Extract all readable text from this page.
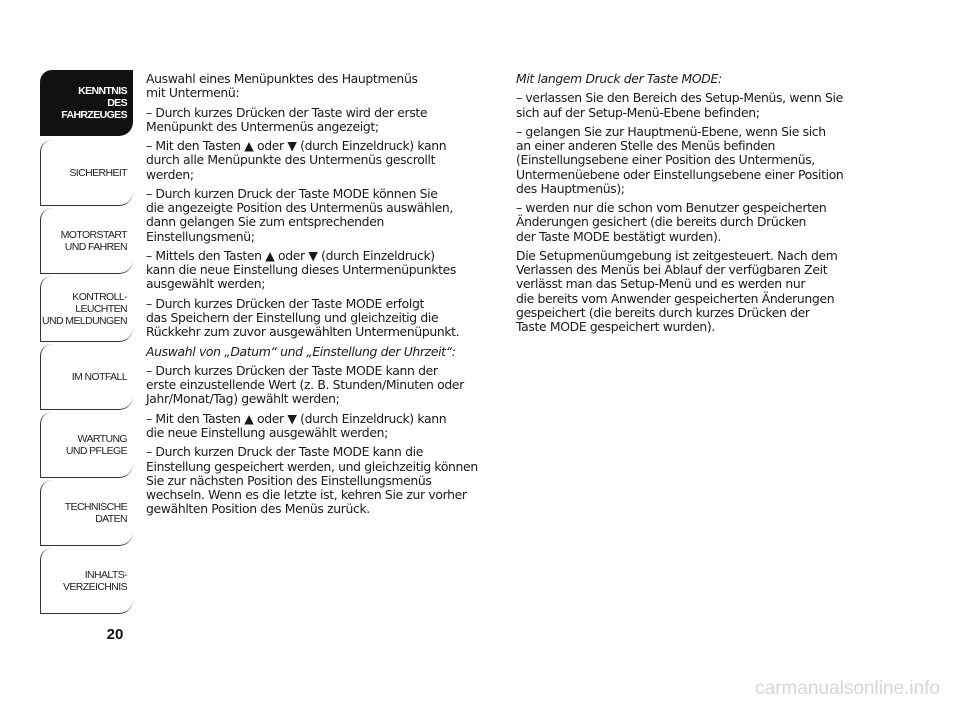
KENNTNIS
DES FAHRZEUGES
SICHERHEIT
MOTORSTART
UND FAHREN
KONTROLL-
LEUCHTEN
UND MELDUNGEN
IM NOTFALL
WARTUNG
UND PFLEGE
TECHNISCHE
DATEN
INHALTS-
VERZEICHNIS
20

Auswahl eines Menüpunktes des Hauptmenüs
mit Untermenü:

– Durch kurzes Drücken der Taste wird der erste
Menüpunkt des Untermenüs angezeigt;

– Mit den Tasten ▲ oder ▼ (durch Einzeldruck) kann
durch alle Menüpunkte des Untermenüs gescrollt
werden;

– Durch kurzen Druck der Taste MODE können Sie
die angezeigte Position des Untermenüs auswählen,
dann gelangen Sie zum entsprechenden
Einstellungsmenü;

– Mittels den Tasten ▲ oder ▼ (durch Einzeldruck)
kann die neue Einstellung dieses Untermenüpunktes
ausgewählt werden;

– Durch kurzes Drücken der Taste MODE erfolgt
das Speichern der Einstellung und gleichzeitig die
Rückkehr zum zuvor ausgewählten Untermenüpunkt.

Auswahl von „Datum“ und „Einstellung der Uhrzeit“:

– Durch kurzes Drücken der Taste MODE kann der
erste einzustellende Wert (z. B. Stunden/Minuten oder
Jahr/Monat/Tag) gewählt werden;

– Mit den Tasten ▲ oder ▼ (durch Einzeldruck) kann
die neue Einstellung ausgewählt werden;

– Durch kurzen Druck der Taste MODE kann die
Einstellung gespeichert werden, und gleichzeitig können
Sie zur nächsten Position des Einstellungsmenüs
wechseln. Wenn es die letzte ist, kehren Sie zur vorher
gewählten Position des Menüs zurück.

Mit langem Druck der Taste MODE:

– verlassen Sie den Bereich des Setup-Menüs, wenn Sie
sich auf der Setup-Menü-Ebene befinden;

– gelangen Sie zur Hauptmenü-Ebene, wenn Sie sich
an einer anderen Stelle des Menüs befinden
(Einstellungsebene einer Position des Untermenüs,
Untermenüebene oder Einstellungsebene einer Position
des Hauptmenüs);

– werden nur die schon vom Benutzer gespeicherten
Änderungen gesichert (die bereits durch Drücken
der Taste MODE bestätigt wurden).

Die Setupmenüumgebung ist zeitgesteuert. Nach dem
Verlassen des Menüs bei Ablauf der verfügbaren Zeit
verlässt man das Setup-Menü und es werden nur
die bereits vom Anwender gespeicherten Änderungen
gespeichert (die bereits durch kurzes Drücken der
Taste MODE gespeichert wurden).

carmanualsonline.info
